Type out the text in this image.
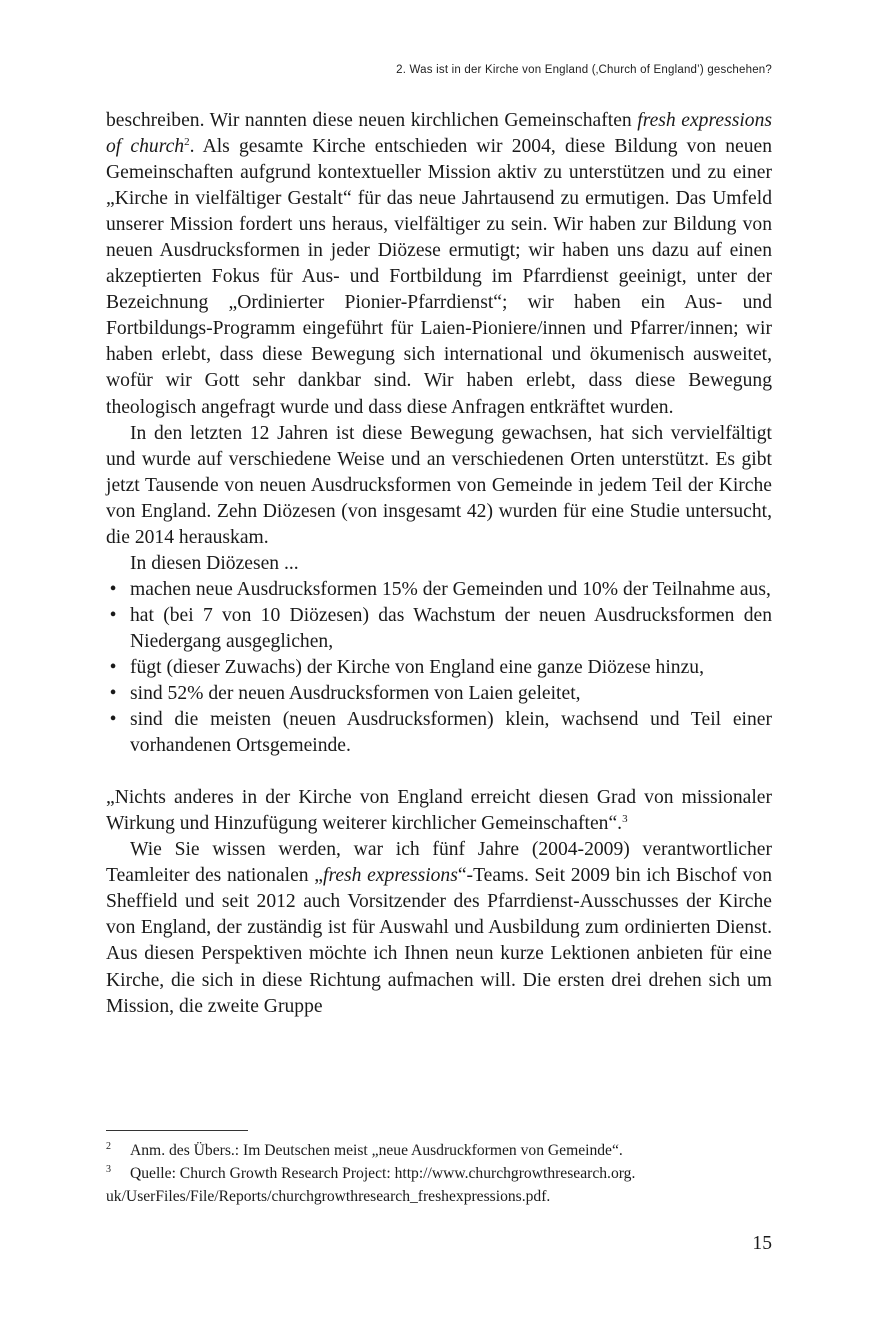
2. Was ist in der Kirche von England (‚Church of England’) geschehen?

beschreiben. Wir nannten diese neuen kirchlichen Gemeinschaften fresh expressions of church$^2$. Als gesamte Kirche entschieden wir 2004, diese Bildung von neuen Gemeinschaften aufgrund kontextueller Mission aktiv zu unterstützen und zu einer „Kirche in vielfältiger Gestalt“ für das neue Jahrtausend zu ermutigen. Das Umfeld unserer Mission fordert uns heraus, vielfältiger zu sein. Wir haben zur Bildung von neuen Ausdrucksformen in jeder Diözese ermutigt; wir haben uns dazu auf einen akzeptierten Fokus für Aus- und Fortbildung im Pfarrdienst geeinigt, unter der Bezeichnung „Ordinierter Pionier-Pfarrdienst“; wir haben ein Aus- und Fortbildungs-Programm eingeführt für Laien-Pioniere/innen und Pfarrer/innen; wir haben erlebt, dass diese Bewegung sich international und ökumenisch ausweitet, wofür wir Gott sehr dankbar sind. Wir haben erlebt, dass diese Bewegung theologisch angefragt wurde und dass diese Anfragen entkräftet wurden.

In den letzten 12 Jahren ist diese Bewegung gewachsen, hat sich vervielfältigt und wurde auf verschiedene Weise und an verschiedenen Orten unterstützt. Es gibt jetzt Tausende von neuen Ausdrucksformen von Gemeinde in jedem Teil der Kirche von England. Zehn Diözesen (von insgesamt 42) wurden für eine Studie untersucht, die 2014 herauskam.

In diesen Diözesen ...

• machen neue Ausdrucksformen 15% der Gemeinden und 10% der Teilnahme aus,
• hat (bei 7 von 10 Diözesen) das Wachstum der neuen Ausdrucksformen den Niedergang ausgeglichen,
• fügt (dieser Zuwachs) der Kirche von England eine ganze Diözese hinzu,
• sind 52% der neuen Ausdrucksformen von Laien geleitet,
• sind die meisten (neuen Ausdrucksformen) klein, wachsend und Teil einer vorhandenen Ortsgemeinde.

„Nichts anderes in der Kirche von England erreicht diesen Grad von missionaler Wirkung und Hinzufügung weiterer kirchlicher Gemeinschaften“.$^3$

Wie Sie wissen werden, war ich fünf Jahre (2004-2009) verantwortlicher Teamleiter des nationalen „fresh expressions“-Teams. Seit 2009 bin ich Bischof von Sheffield und seit 2012 auch Vorsitzender des Pfarrdienst-Ausschusses der Kirche von England, der zuständig ist für Auswahl und Ausbildung zum ordinierten Dienst. Aus diesen Perspektiven möchte ich Ihnen neun kurze Lektionen anbieten für eine Kirche, die sich in diese Richtung aufmachen will. Die ersten drei drehen sich um Mission, die zweite Gruppe

2 Anm. des Übers.: Im Deutschen meist „neue Ausdruckformen von Gemeinde“.

3 Quelle: Church Growth Research Project: http://www.churchgrowthresearch.org.

uk/UserFiles/File/Reports/churchgrowthresearch_freshexpressions.pdf.

15
